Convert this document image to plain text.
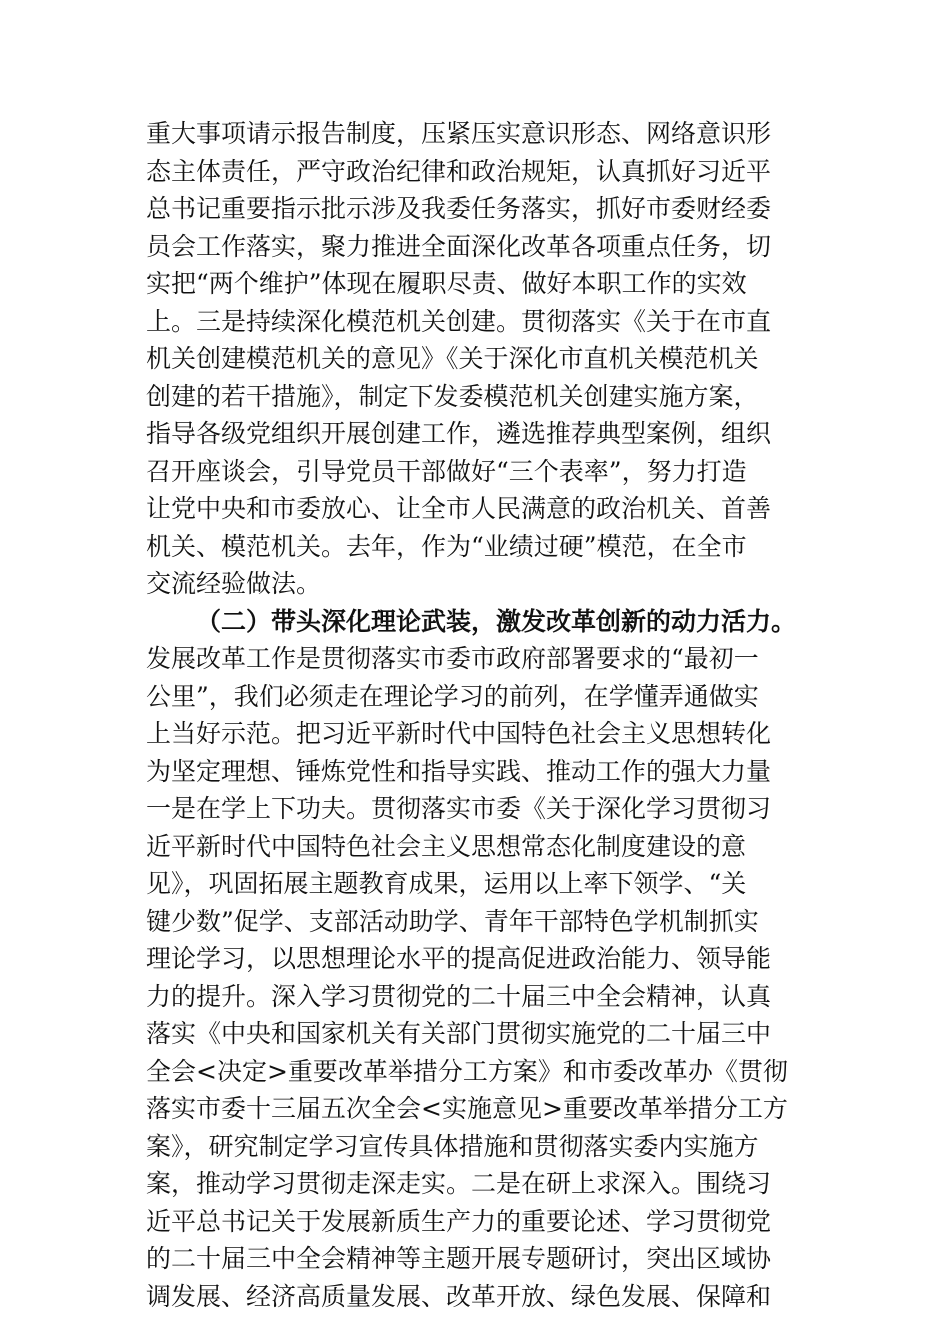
重大事项请示报告制度，压紧压实意识形态、网络意识形
态主体责任，严守政治纪律和政治规矩，认真抓好习近平
总书记重要指示批示涉及我委任务落实，抓好市委财经委
员会工作落实，聚力推进全面深化改革各项重点任务，切
实把“两个维护”体现在履职尽责、做好本职工作的实效
上。三是持续深化模范机关创建。贯彻落实《关于在市直
机关创建模范机关的意见》《关于深化市直机关模范机关
创建的若干措施》，制定下发委模范机关创建实施方案，
指导各级党组织开展创建工作，遴选推荐典型案例，组织
召开座谈会，引导党员干部做好“三个表率”，努力打造
让党中央和市委放心、让全市人民满意的政治机关、首善
机关、模范机关。去年，作为“业绩过硬”模范，在全市
交流经验做法。
（二）带头深化理论武装，激发改革创新的动力活力。
发展改革工作是贯彻落实市委市政府部署要求的“最初一
公里”，我们必须走在理论学习的前列，在学懂弄通做实
上当好示范。把习近平新时代中国特色社会主义思想转化
为坚定理想、锤炼党性和指导实践、推动工作的强大力量
一是在学上下功夫。贯彻落实市委《关于深化学习贯彻习
近平新时代中国特色社会主义思想常态化制度建设的意
见》，巩固拓展主题教育成果，运用以上率下领学、“关
键少数”促学、支部活动助学、青年干部特色学机制抓实
理论学习，以思想理论水平的提高促进政治能力、领导能
力的提升。深入学习贯彻党的二十届三中全会精神，认真
落实《中央和国家机关有关部门贯彻实施党的二十届三中
全会<决定>重要改革举措分工方案》和市委改革办《贯彻
落实市委十三届五次全会<实施意见>重要改革举措分工方
案》，研究制定学习宣传具体措施和贯彻落实委内实施方
案，推动学习贯彻走深走实。二是在研上求深入。围绕习
近平总书记关于发展新质生产力的重要论述、学习贯彻党
的二十届三中全会精神等主题开展专题研讨，突出区域协
调发展、经济高质量发展、改革开放、绿色发展、保障和
